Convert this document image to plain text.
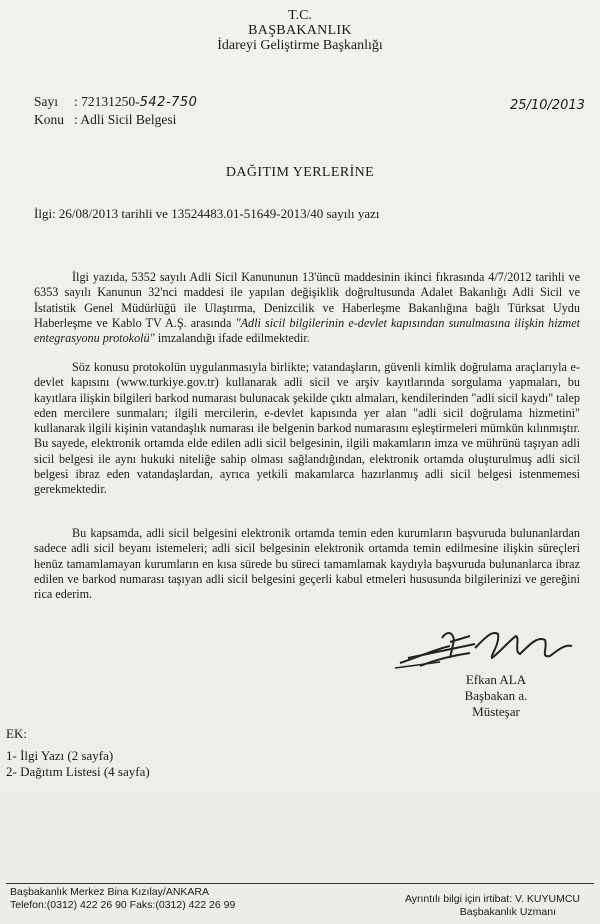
T.C.
BAŞBAKANLIK
İdareyi Geliştirme Başkanlığı
Sayı : 72131250-542-750
Konu : Adli Sicil Belgesi
25/10/2013
DAĞITIM YERLERİNE
İlgi: 26/08/2013 tarihli ve 13524483.01-51649-2013/40 sayılı yazı

İlgi yazıda, 5352 sayılı Adli Sicil Kanununun 13'üncü maddesinin ikinci fıkrasında 4/7/2012 tarihli ve 6353 sayılı Kanunun 32'nci maddesi ile yapılan değişiklik doğrultusunda Adalet Bakanlığı Adli Sicil ve İstatistik Genel Müdürlüğü ile Ulaştırma, Denizcilik ve Haberleşme Bakanlığına bağlı Türksat Uydu Haberleşme ve Kablo TV A.Ş. arasında "Adli sicil bilgilerinin e-devlet kapısından sunulmasına ilişkin hizmet entegrasyonu protokolü" imzalandığı ifade edilmektedir.

Söz konusu protokolün uygulanmasıyla birlikte; vatandaşların, güvenli kimlik doğrulama araçlarıyla e-devlet kapısını (www.turkiye.gov.tr) kullanarak adli sicil ve arşiv kayıtlarında sorgulama yapmaları, bu kayıtlara ilişkin bilgileri barkod numarası bulunacak şekilde çıktı almaları, kendilerinden "adli sicil kaydı" talep eden mercilere sunmaları; ilgili mercilerin, e-devlet kapısında yer alan "adli sicil doğrulama hizmetini" kullanarak ilgili kişinin vatandaşlık numarası ile belgenin barkod numarasını eşleştirmeleri mümkün kılınmıştır. Bu sayede, elektronik ortamda elde edilen adli sicil belgesinin, ilgili makamların imza ve mührünü taşıyan adli sicil belgesi ile aynı hukuki niteliğe sahip olması sağlandığından, elektronik ortamda oluşturulmuş adli sicil belgesi ibraz eden vatandaşlardan, ayrıca yetkili makamlarca hazırlanmış adli sicil belgesi istenmemesi gerekmektedir.

Bu kapsamda, adli sicil belgesini elektronik ortamda temin eden kurumların başvuruda bulunanlardan sadece adli sicil beyanı istemeleri; adli sicil belgesinin elektronik ortamda temin edilmesine ilişkin süreçleri henüz tamamlamayan kurumların en kısa sürede bu süreci tamamlamak kaydıyla başvuruda bulunanlarca ibraz edilen ve barkod numarası taşıyan adli sicil belgesini geçerli kabul etmeleri hususunda bilgilerinizi ve gereğini rica ederim.

Efkan ALA
Başbakan a.
Müsteşar
EK:
1- İlgi Yazı (2 sayfa)
2- Dağıtım Listesi (4 sayfa)
Başbakanlık Merkez Bina Kızılay/ANKARA
Telefon:(0312) 422 26 90 Faks:(0312) 422 26 99	Ayrıntılı bilgi için irtibat: V. KUYUMCU
Başbakanlık Uzmanı
